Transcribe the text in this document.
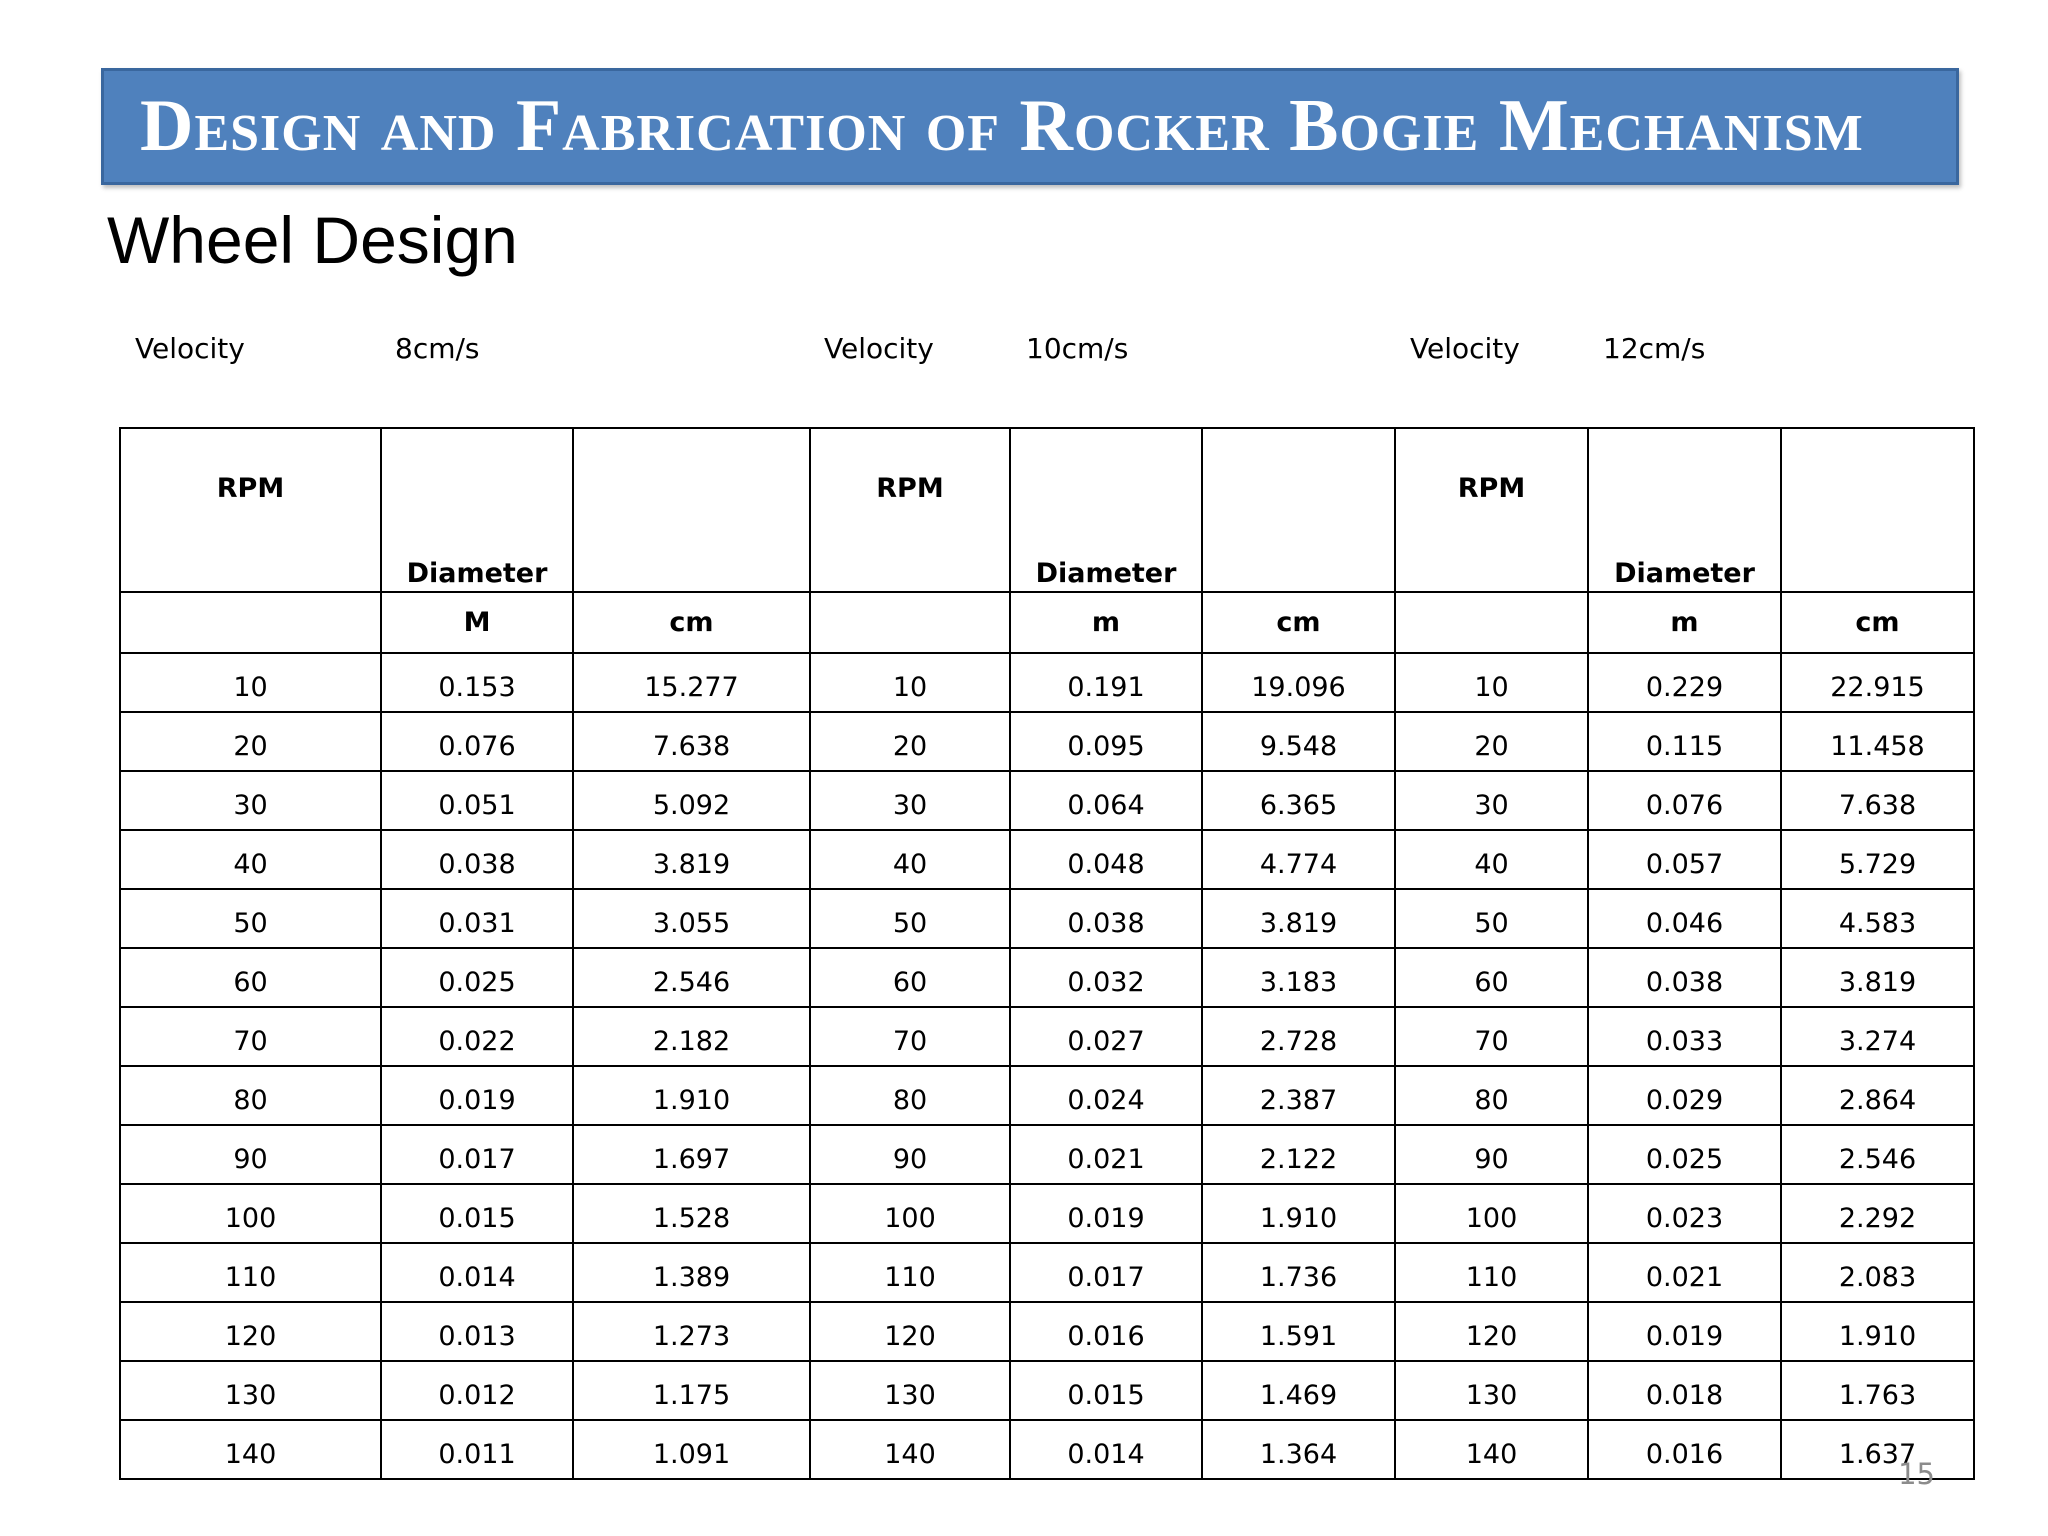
Design and Fabrication of Rocker Bogie Mechanism
Wheel Design
Velocity	8cm/s	Velocity	10cm/s	Velocity	12cm/s
RPM	Diameter		RPM	Diameter		RPM	Diameter	
	M	cm		m	cm		m	cm
10	0.153	15.277	10	0.191	19.096	10	0.229	22.915
20	0.076	7.638	20	0.095	9.548	20	0.115	11.458
30	0.051	5.092	30	0.064	6.365	30	0.076	7.638
40	0.038	3.819	40	0.048	4.774	40	0.057	5.729
50	0.031	3.055	50	0.038	3.819	50	0.046	4.583
60	0.025	2.546	60	0.032	3.183	60	0.038	3.819
70	0.022	2.182	70	0.027	2.728	70	0.033	3.274
80	0.019	1.910	80	0.024	2.387	80	0.029	2.864
90	0.017	1.697	90	0.021	2.122	90	0.025	2.546
100	0.015	1.528	100	0.019	1.910	100	0.023	2.292
110	0.014	1.389	110	0.017	1.736	110	0.021	2.083
120	0.013	1.273	120	0.016	1.591	120	0.019	1.910
130	0.012	1.175	130	0.015	1.469	130	0.018	1.763
140	0.011	1.091	140	0.014	1.364	140	0.016	1.637
15
